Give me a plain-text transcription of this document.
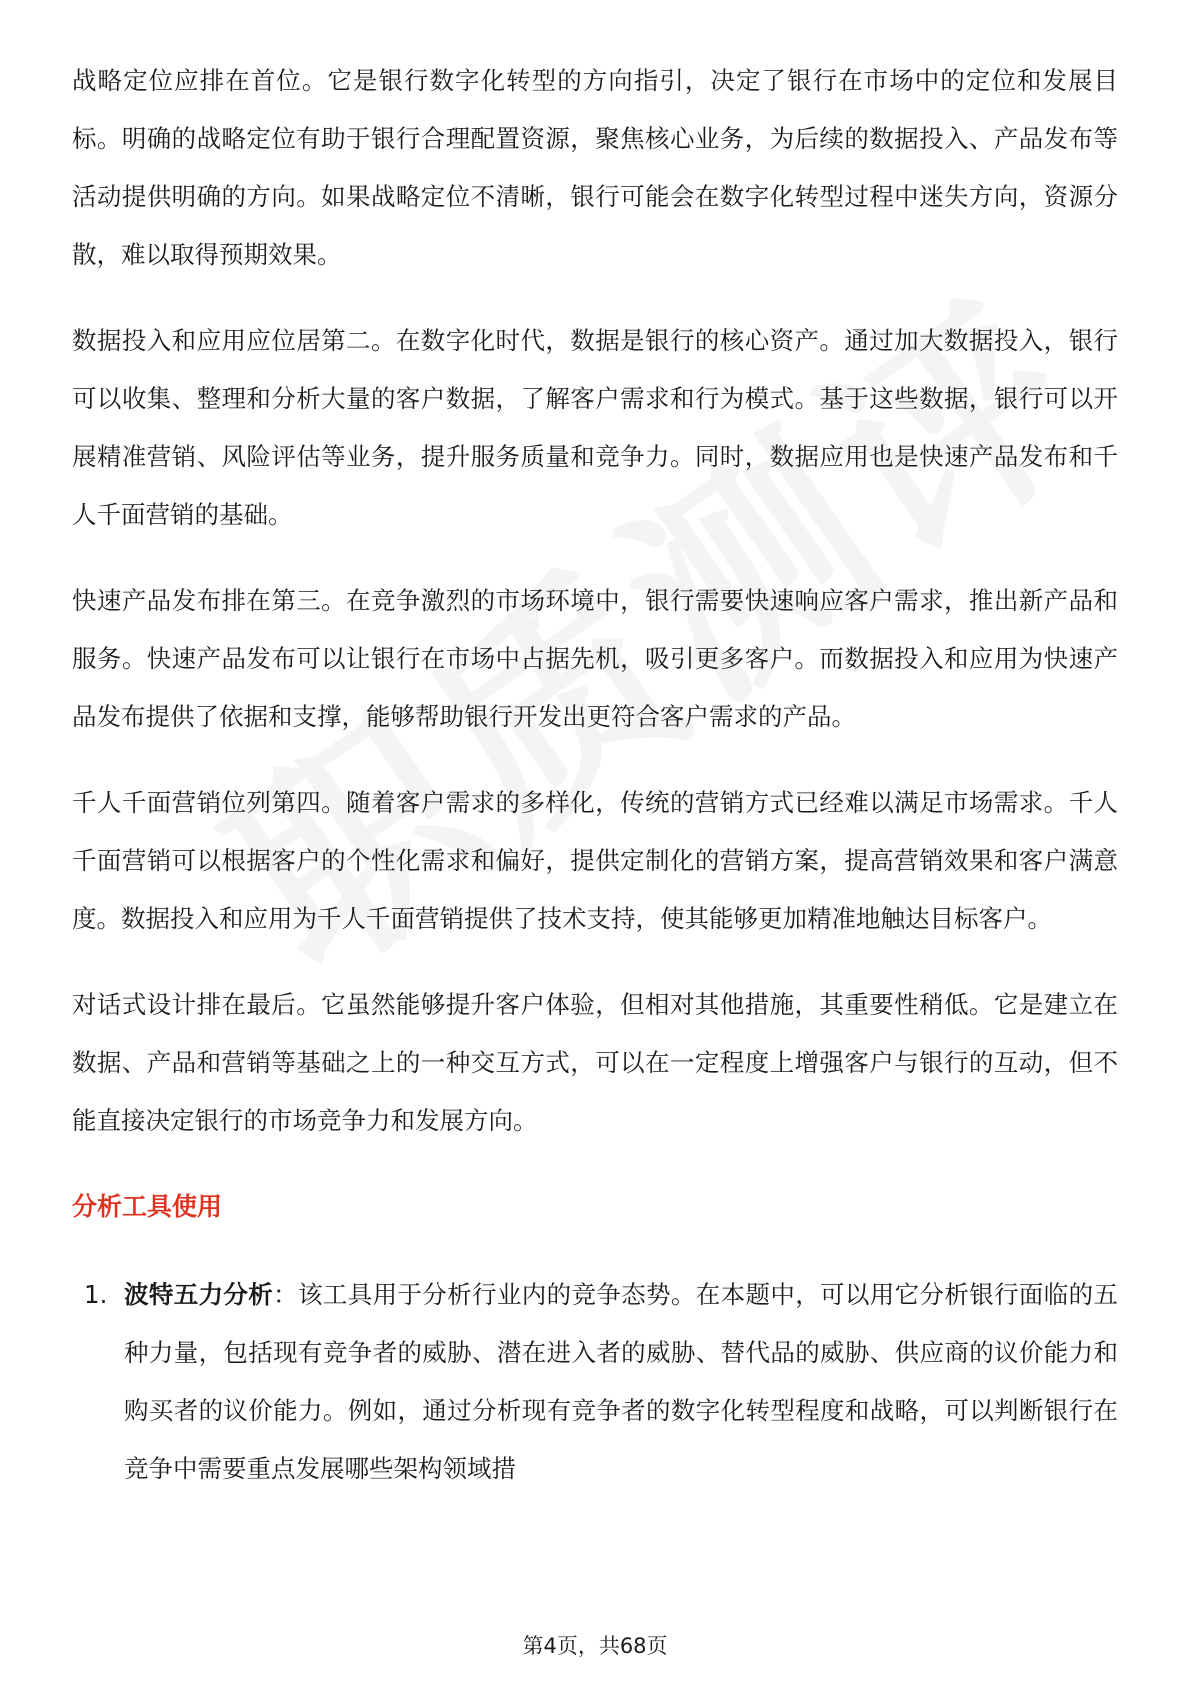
战略定位应排在首位。它是银行数字化转型的方向指引，决定了银行在市场中的定位和发展目标。明确的战略定位有助于银行合理配置资源，聚焦核心业务，为后续的数据投入、产品发布等活动提供明确的方向。如果战略定位不清晰，银行可能会在数字化转型过程中迷失方向，资源分散，难以取得预期效果。

数据投入和应用应位居第二。在数字化时代，数据是银行的核心资产。通过加大数据投入，银行可以收集、整理和分析大量的客户数据，了解客户需求和行为模式。基于这些数据，银行可以开展精准营销、风险评估等业务，提升服务质量和竞争力。同时，数据应用也是快速产品发布和千人千面营销的基础。

快速产品发布排在第三。在竞争激烈的市场环境中，银行需要快速响应客户需求，推出新产品和服务。快速产品发布可以让银行在市场中占据先机，吸引更多客户。而数据投入和应用为快速产品发布提供了依据和支撑，能够帮助银行开发出更符合客户需求的产品。

千人千面营销位列第四。随着客户需求的多样化，传统的营销方式已经难以满足市场需求。千人千面营销可以根据客户的个性化需求和偏好，提供定制化的营销方案，提高营销效果和客户满意度。数据投入和应用为千人千面营销提供了技术支持，使其能够更加精准地触达目标客户。

对话式设计排在最后。它虽然能够提升客户体验，但相对其他措施，其重要性稍低。它是建立在数据、产品和营销等基础之上的一种交互方式，可以在一定程度上增强客户与银行的互动，但不能直接决定银行的市场竞争力和发展方向。

分析工具使用
1. 波特五力分析：该工具用于分析行业内的竞争态势。在本题中，可以用它分析银行面临的五种力量，包括现有竞争者的威胁、潜在进入者的威胁、替代品的威胁、供应商的议价能力和购买者的议价能力。例如，通过分析现有竞争者的数字化转型程度和战略，可以判断银行在竞争中需要重点发展哪些架构领域措
第4页，共68页
